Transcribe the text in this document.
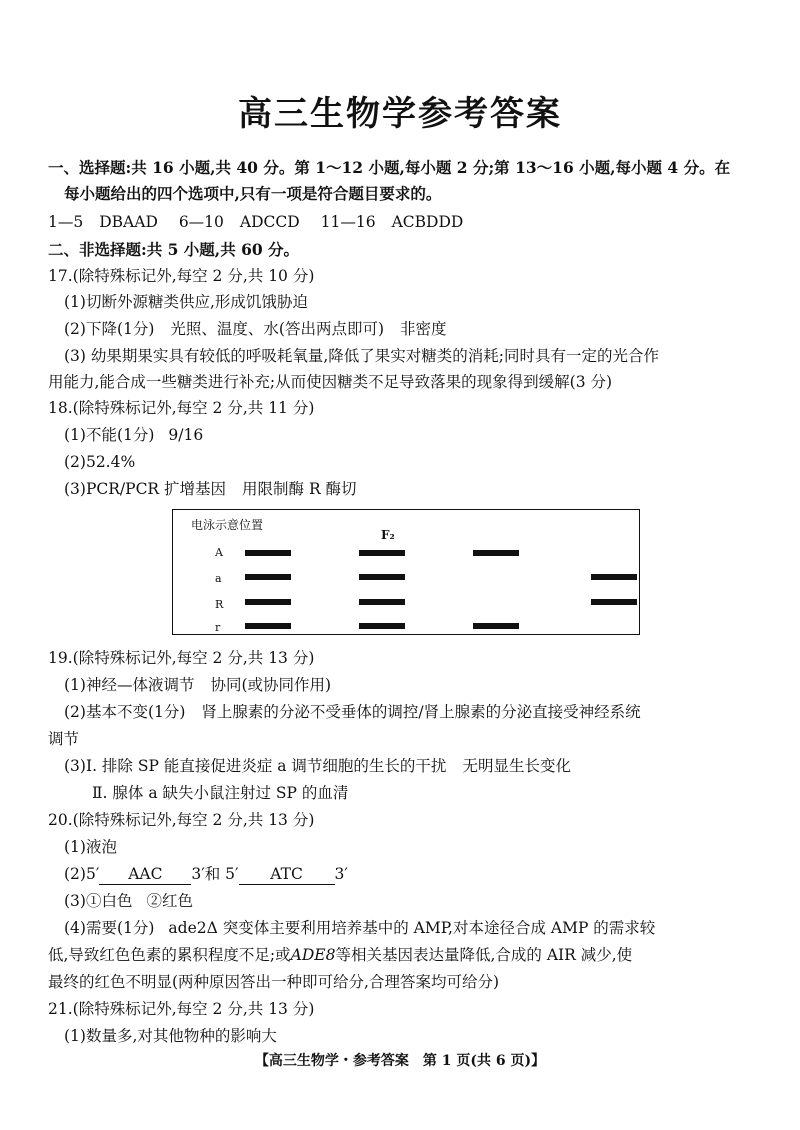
高三生物学参考答案
一、选择题:共 16 小题,共 40 分。第 1～12 小题,每小题 2 分;第 13～16 小题,每小题 4 分。在
每小题给出的四个选项中,只有一项是符合题目要求的。
1—5 DBAAD 6—10 ADCCD 11—16 ACBDDD
二、非选择题:共 5 小题,共 60 分。
17.(除特殊标记外,每空 2 分,共 10 分)
(1)切断外源糖类供应,形成饥饿胁迫
(2)下降(1分) 光照、温度、水(答出两点即可) 非密度
(3) 幼果期果实具有较低的呼吸耗氧量,降低了果实对糖类的消耗;同时具有一定的光合作
用能力,能合成一些糖类进行补充;从而使因糖类不足导致落果的现象得到缓解(3 分)
18.(除特殊标记外,每空 2 分,共 11 分)
(1)不能(1分) 9/16
(2)52.4%
(3)PCR/PCR 扩增基因 用限制酶 R 酶切
电泳示意位置
F₂
A
a
R
r
19.(除特殊标记外,每空 2 分,共 13 分)
(1)神经—体液调节 协同(或协同作用)
(2)基本不变(1分) 肾上腺素的分泌不受垂体的调控/肾上腺素的分泌直接受神经系统
调节
(3)Ⅰ. 排除 SP 能直接促进炎症 a 调节细胞的生长的干扰 无明显生长变化
Ⅱ. 腺体 a 缺失小鼠注射过 SP 的血清
20.(除特殊标记外,每空 2 分,共 13 分)
(1)液泡
(2)5′ AAC 3′和 5′ ATC 3′
(3)①白色 ②红色
(4)需要(1分) ade2Δ 突变体主要利用培养基中的 AMP,对本途径合成 AMP 的需求较
低,导致红色色素的累积程度不足;或ADE8等相关基因表达量降低,合成的 AIR 减少,使
最终的红色不明显(两种原因答出一种即可给分,合理答案均可给分)
21.(除特殊标记外,每空 2 分,共 13 分)
(1)数量多,对其他物种的影响大
【高三生物学・参考答案　第 1 页(共 6 页)】
